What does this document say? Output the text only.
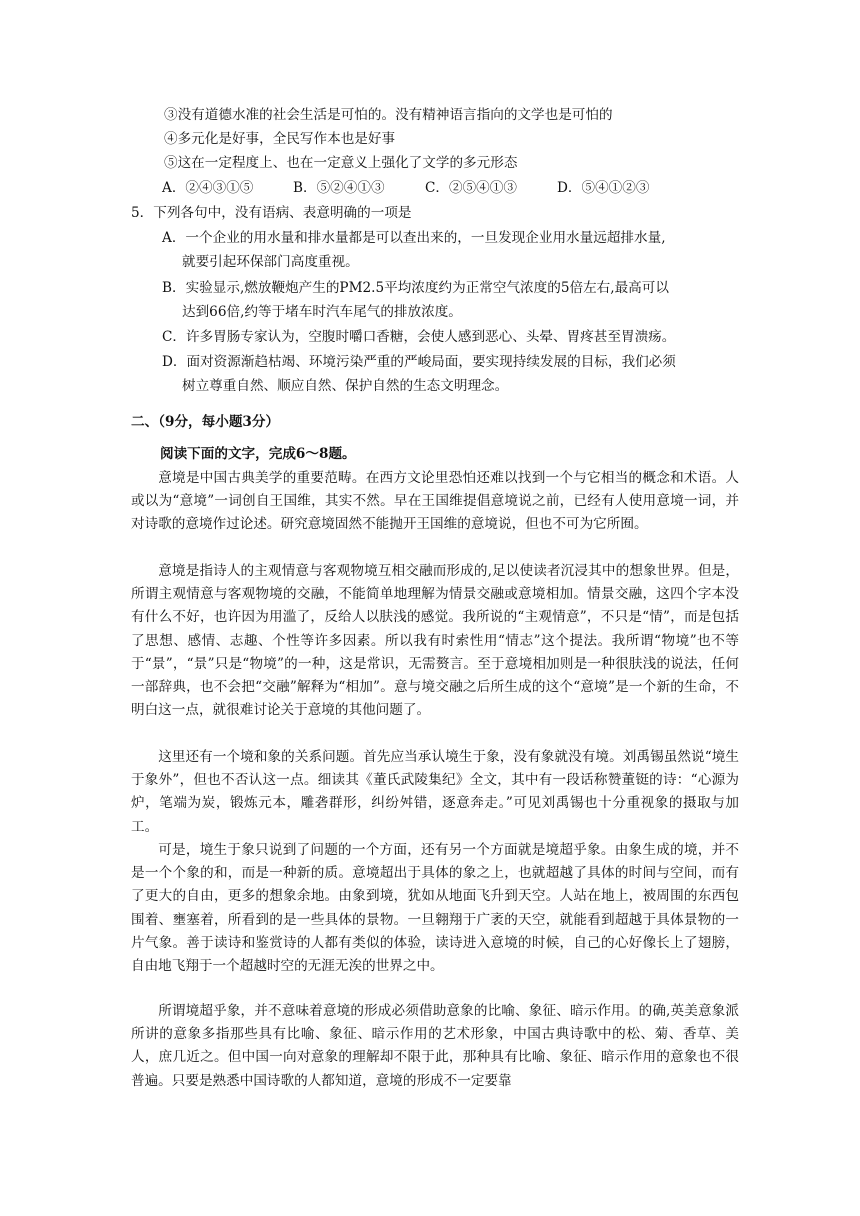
③没有道德水准的社会生活是可怕的。没有精神语言指向的文学也是可怕的
④多元化是好事，全民写作本也是好事
⑤这在一定程度上、也在一定意义上强化了文学的多元形态
A．②④③①⑤	B．⑤②④①③	C．②⑤④①③	D．⑤④①②③
5．下列各句中，没有语病、表意明确的一项是
A．一个企业的用水量和排水量都是可以查出来的，一旦发现企业用水量远超排水量,
就要引起环保部门高度重视。
B．实验显示,燃放鞭炮产生的PM2.5平均浓度约为正常空气浓度的5倍左右,最高可以
达到66倍,约等于堵车时汽车尾气的排放浓度。
C．许多胃肠专家认为，空腹时嚼口香糖，会使人感到恶心、头晕、胃疼甚至胃溃疡。
D．面对资源渐趋枯竭、环境污染严重的严峻局面，要实现持续发展的目标，我们必须
树立尊重自然、顺应自然、保护自然的生态文明理念。
二、（9分，每小题3分）
阅读下面的文字，完成6～8题。

意境是中国古典美学的重要范畴。在西方文论里恐怕还难以找到一个与它相当的概念和术语。人或以为“意境”一词创自王国维，其实不然。早在王国维提倡意境说之前，已经有人使用意境一词，并对诗歌的意境作过论述。研究意境固然不能抛开王国维的意境说，但也不可为它所囿。

意境是指诗人的主观情意与客观物境互相交融而形成的,足以使读者沉浸其中的想象世界。但是，所谓主观情意与客观物境的交融，不能简单地理解为情景交融或意境相加。情景交融，这四个字本没有什么不好，也许因为用滥了，反给人以肤浅的感觉。我所说的“主观情意”，不只是“情”，而是包括了思想、感情、志趣、个性等许多因素。所以我有时索性用“情志”这个提法。我所谓“物境”也不等于“景”，“景”只是“物境”的一种，这是常识，无需赘言。至于意境相加则是一种很肤浅的说法，任何一部辞典，也不会把“交融”解释为“相加”。意与境交融之后所生成的这个“意境”是一个新的生命，不明白这一点，就很难讨论关于意境的其他问题了。

这里还有一个境和象的关系问题。首先应当承认境生于象，没有象就没有境。刘禹锡虽然说“境生于象外”，但也不否认这一点。细读其《董氏武陵集纪》全文，其中有一段话称赞董铤的诗：“心源为炉，笔端为炭，锻炼元本，雕砻群形，纠纷舛错，逐意奔走。”可见刘禹锡也十分重视象的摄取与加工。

可是，境生于象只说到了问题的一个方面，还有另一个方面就是境超乎象。由象生成的境，并不是一个个象的和，而是一种新的质。意境超出于具体的象之上，也就超越了具体的时间与空间，而有了更大的自由，更多的想象余地。由象到境，犹如从地面飞升到天空。人站在地上，被周围的东西包围着、壅塞着，所看到的是一些具体的景物。一旦翱翔于广袤的天空，就能看到超越于具体景物的一片气象。善于读诗和鉴赏诗的人都有类似的体验，读诗进入意境的时候，自己的心好像长上了翅膀，自由地飞翔于一个超越时空的无涯无涘的世界之中。

所谓境超乎象，并不意味着意境的形成必须借助意象的比喻、象征、暗示作用。的确,英美意象派所讲的意象多指那些具有比喻、象征、暗示作用的艺术形象，中国古典诗歌中的松、菊、香草、美人，庶几近之。但中国一向对意象的理解却不限于此，那种具有比喻、象征、暗示作用的意象也不很普遍。只要是熟悉中国诗歌的人都知道，意境的形成不一定要靠
